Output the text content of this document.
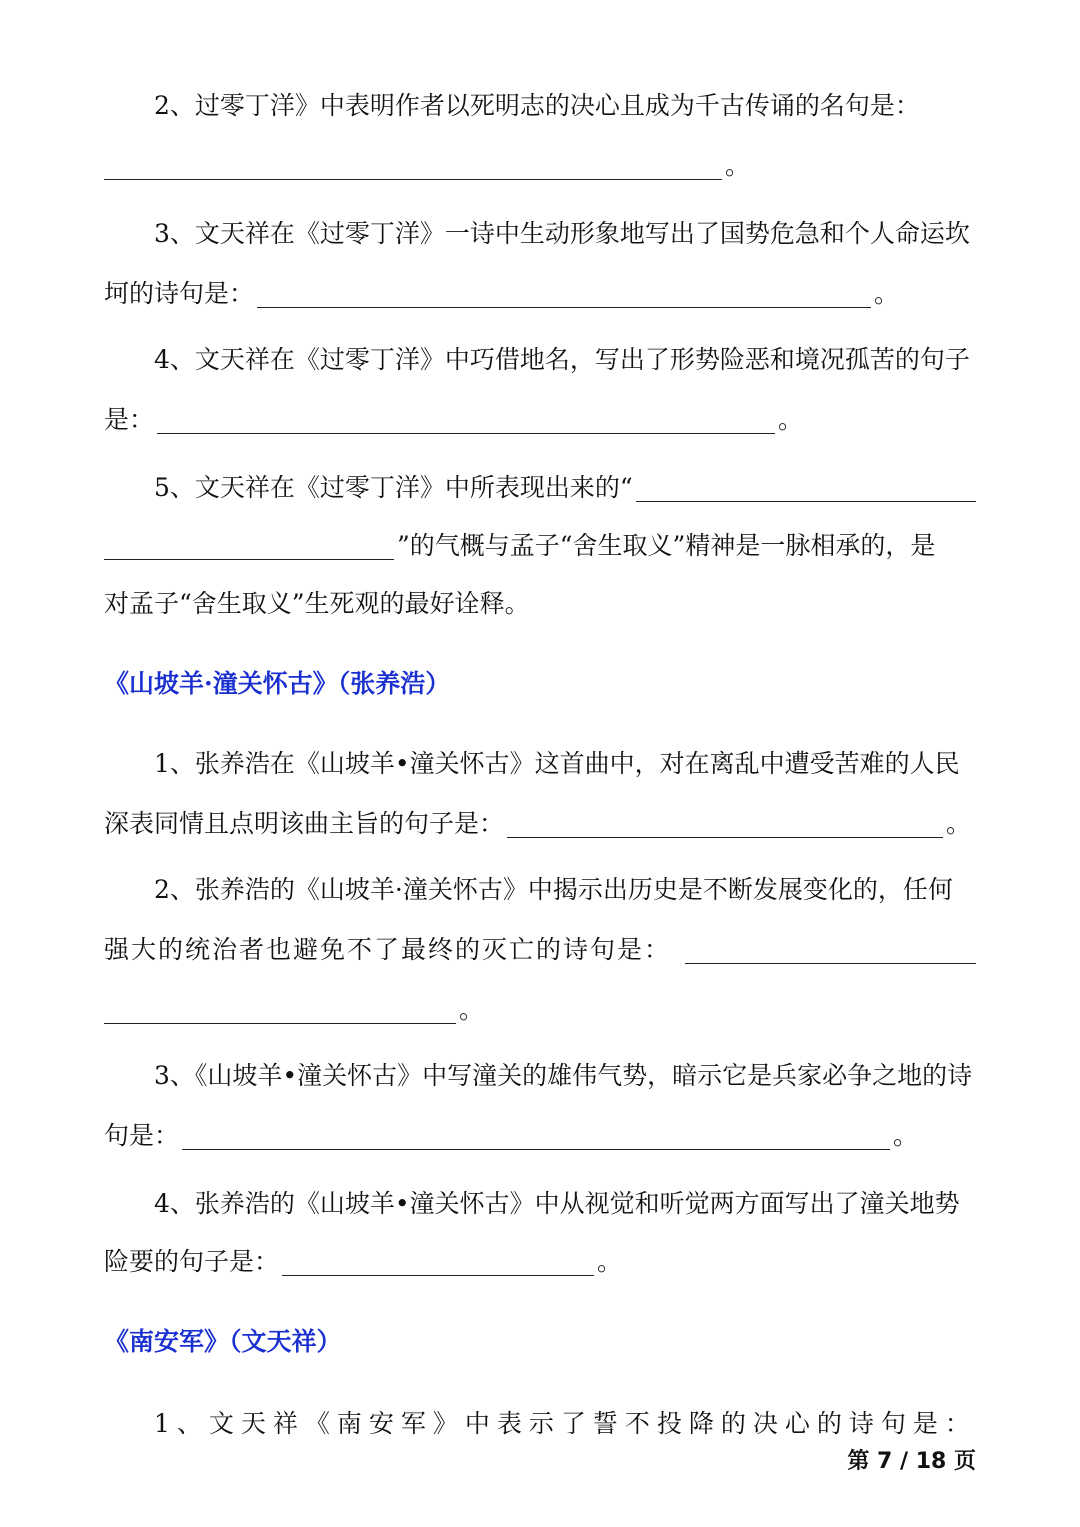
2、过零丁洋》中表明作者以死明志的决心且成为千古传诵的名句是：
。
3、文天祥在《过零丁洋》一诗中生动形象地写出了国势危急和个人命运坎
坷的诗句是：	。
4、文天祥在《过零丁洋》中巧借地名，写出了形势险恶和境况孤苦的句子
是：	。
5、文天祥在《过零丁洋》中所表现出来的“
”的气概与孟子“舍生取义”精神是一脉相承的，是
对孟子“舍生取义”生死观的最好诠释。
《山坡羊·潼关怀古》（张养浩）
1、张养浩在《山坡羊•潼关怀古》这首曲中，对在离乱中遭受苦难的人民
深表同情且点明该曲主旨的句子是：	。
2、张养浩的《山坡羊·潼关怀古》中揭示出历史是不断发展变化的，任何
强大的统治者也避免不了最终的灭亡的诗句是：
。
3、《山坡羊•潼关怀古》中写潼关的雄伟气势，暗示它是兵家必争之地的诗
句是：	。
4、张养浩的《山坡羊•潼关怀古》中从视觉和听觉两方面写出了潼关地势
险要的句子是：	。
《南安军》（文天祥）
1、文天祥《南安军》中表示了誓不投降的决心的诗句是：
第 7 / 18 页
